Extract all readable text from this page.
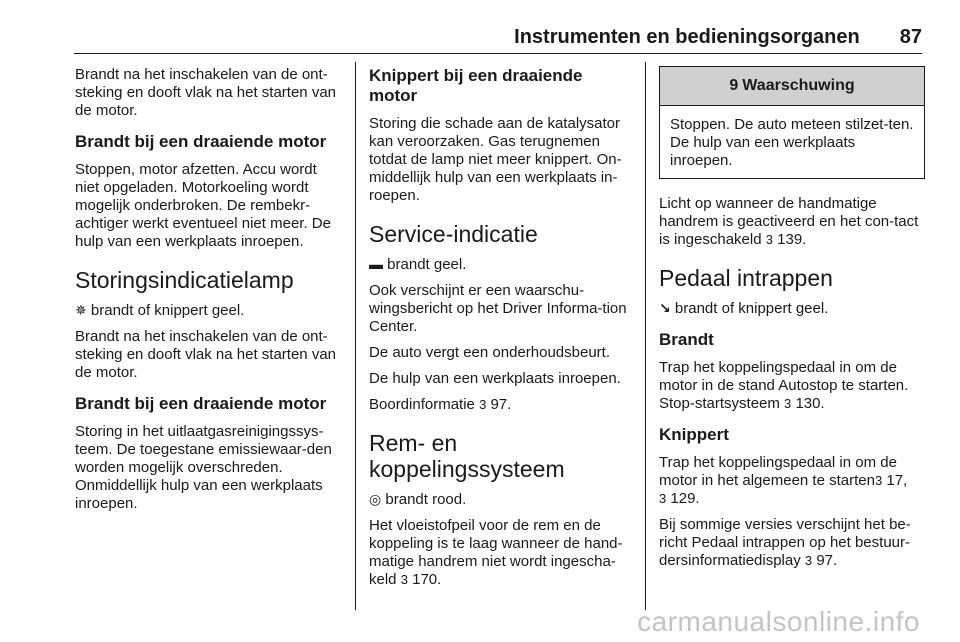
Instrumenten en bedieningsorganen 87

Brandt na het inschakelen van de ont-steking en dooft vlak na het starten van de motor.

Brandt bij een draaiende motor

Stoppen, motor afzetten. Accu wordt niet opgeladen. Motorkoeling wordt mogelijk onderbroken. De rembekr-achtiger werkt eventueel niet meer. De hulp van een werkplaats inroepen.

Storingsindicatielamp

✵ brandt of knippert geel.

Brandt na het inschakelen van de ont-steking en dooft vlak na het starten van de motor.

Brandt bij een draaiende motor

Storing in het uitlaatgasreinigingssys-teem. De toegestane emissiewaar-den worden mogelijk overschreden. Onmiddellijk hulp van een werkplaats inroepen.

Knippert bij een draaiende motor

Storing die schade aan de katalysator kan veroorzaken. Gas terugnemen totdat de lamp niet meer knippert. On-middellijk hulp van een werkplaats in-roepen.

Service-indicatie

▬ brandt geel.

Ook verschijnt er een waarschu-wingsbericht op het Driver Informa-tion Center.

De auto vergt een onderhoudsbeurt.

De hulp van een werkplaats inroepen.

Boordinformatie 3 97.

Rem- en
koppelingssysteem

◎ brandt rood.

Het vloeistofpeil voor de rem en de koppeling is te laag wanneer de hand-matige handrem niet wordt ingescha-keld 3 170.

9 Waarschuwing
Stoppen. De auto meteen stilzet-ten. De hulp van een werkplaats inroepen.

Licht op wanneer de handmatige handrem is geactiveerd en het con-tact is ingeschakeld 3 139.

Pedaal intrappen

↘ brandt of knippert geel.

Brandt

Trap het koppelingspedaal in om de motor in de stand Autostop te starten. Stop-startsysteem 3 130.

Knippert

Trap het koppelingspedaal in om de motor in het algemeen te starten3 17,
3 129.

Bij sommige versies verschijnt het be-richt Pedaal intrappen op het bestuur-dersinformatiedisplay 3 97.

carmanualsonline.info
